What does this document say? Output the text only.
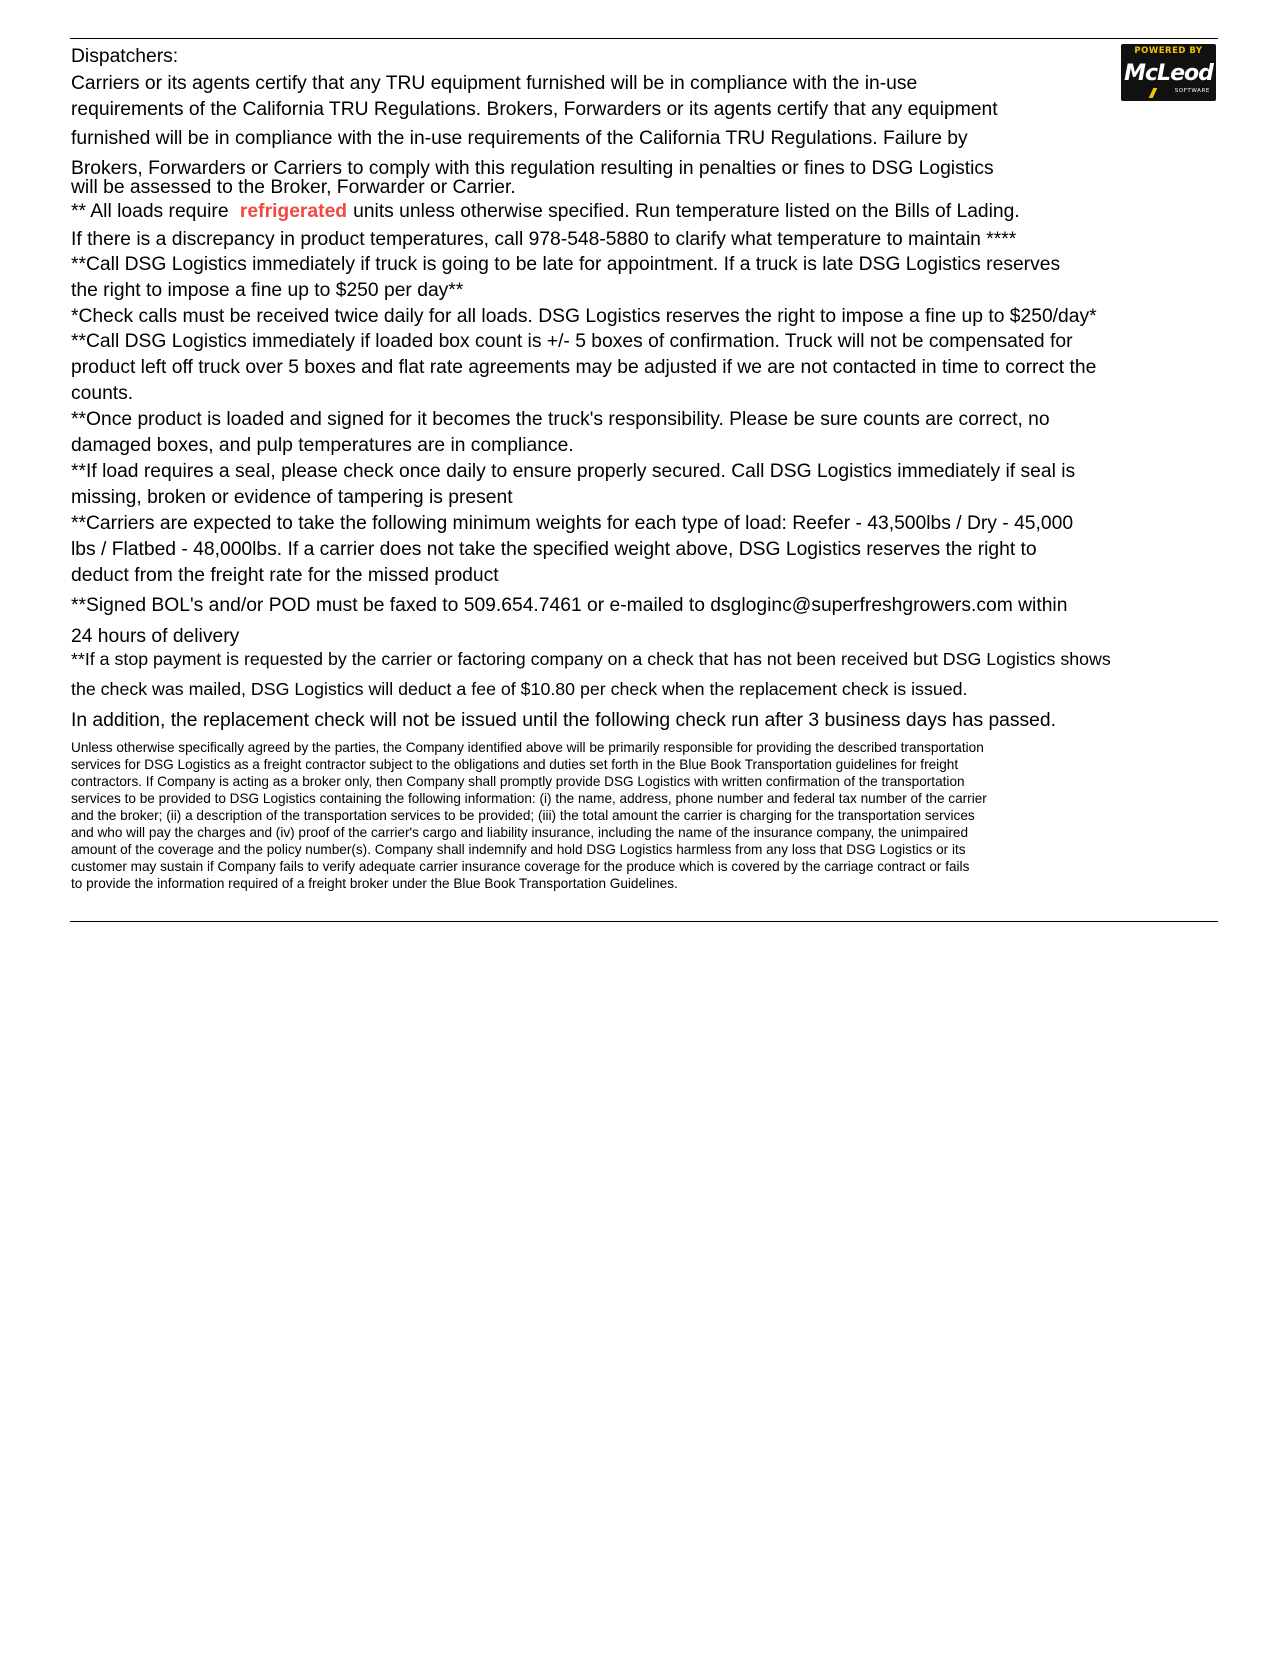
POWERED BY
McLeod
SOFTWARE
Dispatchers:
Carriers or its agents certify that any TRU equipment furnished will be in compliance with the in-use
requirements of the California TRU Regulations. Brokers, Forwarders or its agents certify that any equipment
furnished will be in compliance with the in-use requirements of the California TRU Regulations. Failure by
Brokers, Forwarders or Carriers to comply with this regulation resulting in penalties or fines to DSG Logistics
will be assessed to the Broker, Forwarder or Carrier.
** All loads require refrigerated units unless otherwise specified. Run temperature listed on the Bills of Lading.
If there is a discrepancy in product temperatures, call 978-548-5880 to clarify what temperature to maintain ****
**Call DSG Logistics immediately if truck is going to be late for appointment. If a truck is late DSG Logistics reserves
the right to impose a fine up to $250 per day**
*Check calls must be received twice daily for all loads. DSG Logistics reserves the right to impose a fine up to $250/day*
**Call DSG Logistics immediately if loaded box count is +/- 5 boxes of confirmation. Truck will not be compensated for
product left off truck over 5 boxes and flat rate agreements may be adjusted if we are not contacted in time to correct the
counts.
**Once product is loaded and signed for it becomes the truck's responsibility. Please be sure counts are correct, no
damaged boxes, and pulp temperatures are in compliance.
**If load requires a seal, please check once daily to ensure properly secured. Call DSG Logistics immediately if seal is
missing, broken or evidence of tampering is present
**Carriers are expected to take the following minimum weights for each type of load: Reefer - 43,500lbs / Dry - 45,000
lbs / Flatbed - 48,000lbs. If a carrier does not take the specified weight above, DSG Logistics reserves the right to
deduct from the freight rate for the missed product
**Signed BOL's and/or POD must be faxed to 509.654.7461 or e-mailed to dsgloginc@superfreshgrowers.com within
24 hours of delivery
**If a stop payment is requested by the carrier or factoring company on a check that has not been received but DSG Logistics shows
the check was mailed, DSG Logistics will deduct a fee of $10.80 per check when the replacement check is issued.
In addition, the replacement check will not be issued until the following check run after 3 business days has passed.
Unless otherwise specifically agreed by the parties, the Company identified above will be primarily responsible for providing the described transportation
services for DSG Logistics as a freight contractor subject to the obligations and duties set forth in the Blue Book Transportation guidelines for freight
contractors. If Company is acting as a broker only, then Company shall promptly provide DSG Logistics with written confirmation of the transportation
services to be provided to DSG Logistics containing the following information: (i) the name, address, phone number and federal tax number of the carrier
and the broker; (ii) a description of the transportation services to be provided; (iii) the total amount the carrier is charging for the transportation services
and who will pay the charges and (iv) proof of the carrier's cargo and liability insurance, including the name of the insurance company, the unimpaired
amount of the coverage and the policy number(s). Company shall indemnify and hold DSG Logistics harmless from any loss that DSG Logistics or its
customer may sustain if Company fails to verify adequate carrier insurance coverage for the produce which is covered by the carriage contract or fails
to provide the information required of a freight broker under the Blue Book Transportation Guidelines.
